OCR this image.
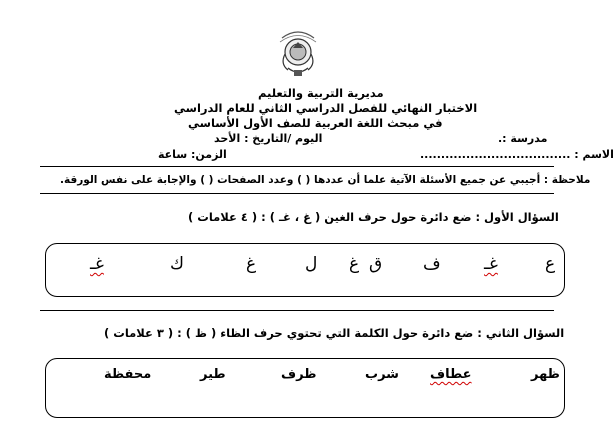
مديرية التربية والتعليم
الاختبار النهائي للفصل الدراسي الثاني للعام الدراسي
في مبحث اللغة العربية للصف الأول الأساسي
مدرسة :.
اليوم /التاريخ : الأحد
الاسم : ....................................
الزمن: ساعة
ملاحظة : أجيبي عن جميع الأسئلة الآتية علما أن عددها ( ) وعدد الصفحات ( ) والإجابة على نفس الورقة.
السؤال الأول : ضع دائرة حول حرف الغين ( غ ، غـ ) : ( ٤ علامات )
ع
غـ
ف
ق
غ
ل
غ
ك
غـ
السؤال الثاني : ضع دائرة حول الكلمة التي تحتوي حرف الظاء ( ظ ) : ( ٣ علامات )
ظهر
عطاف
شرب
ظرف
طير
محفظة
